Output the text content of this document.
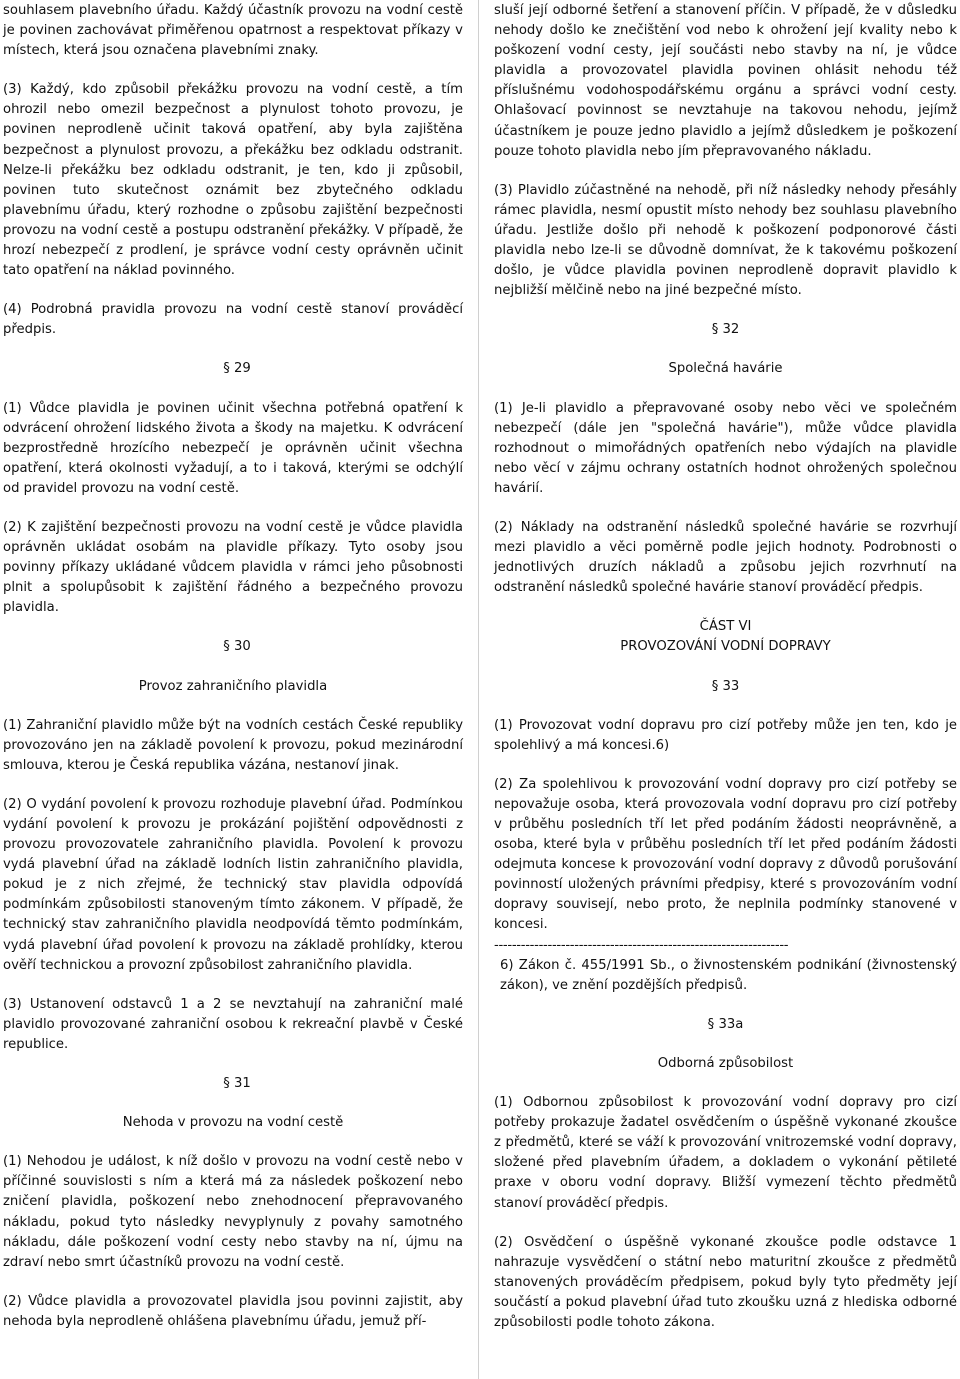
souhlasem plavebního úřadu. Každý účastník provozu na vodní cestě je povinen zachovávat přiměřenou opatrnost a respektovat příkazy v místech, která jsou označena plavebními znaky.

(3) Každý, kdo způsobil překážku provozu na vodní cestě, a tím ohrozil nebo omezil bezpečnost a plynulost tohoto provozu, je povinen neprodleně učinit taková opatření, aby byla zajištěna bezpečnost a plynulost provozu, a překážku bez odkladu odstranit. Nelze-li překážku bez odkladu odstranit, je ten, kdo ji způsobil, povinen tuto skutečnost oznámit bez zbytečného odkladu plavebnímu úřadu, který rozhodne o způsobu zajištění bezpečnosti provozu na vodní cestě a postupu odstranění překážky. V případě, že hrozí nebezpečí z prodlení, je správce vodní cesty oprávněn učinit tato opatření na náklad povinného.

(4) Podrobná pravidla provozu na vodní cestě stanoví prováděcí předpis.

§ 29

(1) Vůdce plavidla je povinen učinit všechna potřebná opatření k odvrácení ohrožení lidského života a škody na majetku. K odvrácení bezprostředně hrozícího nebezpečí je oprávněn učinit všechna opatření, která okolnosti vyžadují, a to i taková, kterými se odchýlí od pravidel provozu na vodní cestě.

(2) K zajištění bezpečnosti provozu na vodní cestě je vůdce plavidla oprávněn ukládat osobám na plavidle příkazy. Tyto osoby jsou povinny příkazy ukládané vůdcem plavidla v rámci jeho působnosti plnit a spolupůsobit k zajištění řádného a bezpečného provozu plavidla.

§ 30

Provoz zahraničního plavidla

(1) Zahraniční plavidlo může být na vodních cestách České republiky provozováno jen na základě povolení k provozu, pokud mezinárodní smlouva, kterou je Česká republika vázána, nestanoví jinak.

(2) O vydání povolení k provozu rozhoduje plavební úřad. Podmínkou vydání povolení k provozu je prokázání pojištění odpovědnosti z provozu provozovatele zahraničního plavidla. Povolení k provozu vydá plavební úřad na základě lodních listin zahraničního plavidla, pokud je z nich zřejmé, že technický stav plavidla odpovídá podmínkám způsobilosti stanoveným tímto zákonem. V případě, že technický stav zahraničního plavidla neodpovídá těmto podmínkám, vydá plavební úřad povolení k provozu na základě prohlídky, kterou ověří technickou a provozní způsobilost zahraničního plavidla.

(3) Ustanovení odstavců 1 a 2 se nevztahují na zahraniční malé plavidlo provozované zahraniční osobou k rekreační plavbě v České republice.

§ 31

Nehoda v provozu na vodní cestě

(1) Nehodou je událost, k níž došlo v provozu na vodní cestě nebo v příčinné souvislosti s ním a která má za následek poškození nebo zničení plavidla, poškození nebo znehodnocení přepravovaného nákladu, pokud tyto následky nevyplynuly z povahy samotného nákladu, dále poškození vodní cesty nebo stavby na ní, újmu na zdraví nebo smrt účastníků provozu na vodní cestě.

(2) Vůdce plavidla a provozovatel plavidla jsou povinni zajistit, aby nehoda byla neprodleně ohlášena plavebnímu úřadu, jemuž pří-

sluší její odborné šetření a stanovení příčin. V případě, že v důsledku nehody došlo ke znečištění vod nebo k ohrožení její kvality nebo k poškození vodní cesty, její součásti nebo stavby na ní, je vůdce plavidla a provozovatel plavidla povinen ohlásit nehodu též příslušnému vodohospodářskému orgánu a správci vodní cesty. Ohlašovací povinnost se nevztahuje na takovou nehodu, jejímž účastníkem je pouze jedno plavidlo a jejímž důsledkem je poškození pouze tohoto plavidla nebo jím přepravovaného nákladu.

(3) Plavidlo zúčastněné na nehodě, při níž následky nehody přesáhly rámec plavidla, nesmí opustit místo nehody bez souhlasu plavebního úřadu. Jestliže došlo při nehodě k poškození podponorové části plavidla nebo lze-li se důvodně domnívat, že k takovému poškození došlo, je vůdce plavidla povinen neprodleně dopravit plavidlo k nejbližší mělčině nebo na jiné bezpečné místo.

§ 32

Společná havárie

(1) Je-li plavidlo a přepravované osoby nebo věci ve společném nebezpečí (dále jen "společná havárie"), může vůdce plavidla rozhodnout o mimořádných opatřeních nebo výdajích na plavidle nebo věcí v zájmu ochrany ostatních hodnot ohrožených společnou havárií.

(2) Náklady na odstranění následků společné havárie se rozvrhují mezi plavidlo a věci poměrně podle jejich hodnoty. Podrobnosti o jednotlivých druzích nákladů a způsobu jejich rozvrhnutí na odstranění následků společné havárie stanoví prováděcí předpis.

ČÁST VI

PROVOZOVÁNÍ VODNÍ DOPRAVY

§ 33

(1) Provozovat vodní dopravu pro cizí potřeby může jen ten, kdo je spolehlivý a má koncesi.6)

(2) Za spolehlivou k provozování vodní dopravy pro cizí potřeby se nepovažuje osoba, která provozovala vodní dopravu pro cizí potřeby v průběhu posledních tří let před podáním žádosti neoprávněně, a osoba, které byla v průběhu posledních tří let před podáním žádosti odejmuta koncese k provozování vodní dopravy z důvodů porušování povinností uložených právními předpisy, které s provozováním vodní dopravy souvisejí, nebo proto, že neplnila podmínky stanovené v koncesi.

------------------------------------------------------------------

6) Zákon č. 455/1991 Sb., o živnostenském podnikání (živnostenský zákon), ve znění pozdějších předpisů.

§ 33a

Odborná způsobilost

(1) Odbornou způsobilost k provozování vodní dopravy pro cizí potřeby prokazuje žadatel osvědčením o úspěšně vykonané zkoušce z předmětů, které se váží k provozování vnitrozemské vodní dopravy, složené před plavebním úřadem, a dokladem o vykonání pětileté praxe v oboru vodní dopravy. Bližší vymezení těchto předmětů stanoví prováděcí předpis.

(2) Osvědčení o úspěšně vykonané zkoušce podle odstavce 1 nahrazuje vysvědčení o státní nebo maturitní zkoušce z předmětů stanovených prováděcím předpisem, pokud byly tyto předměty její součástí a pokud plavební úřad tuto zkoušku uzná z hlediska odborné způsobilosti podle tohoto zákona.
